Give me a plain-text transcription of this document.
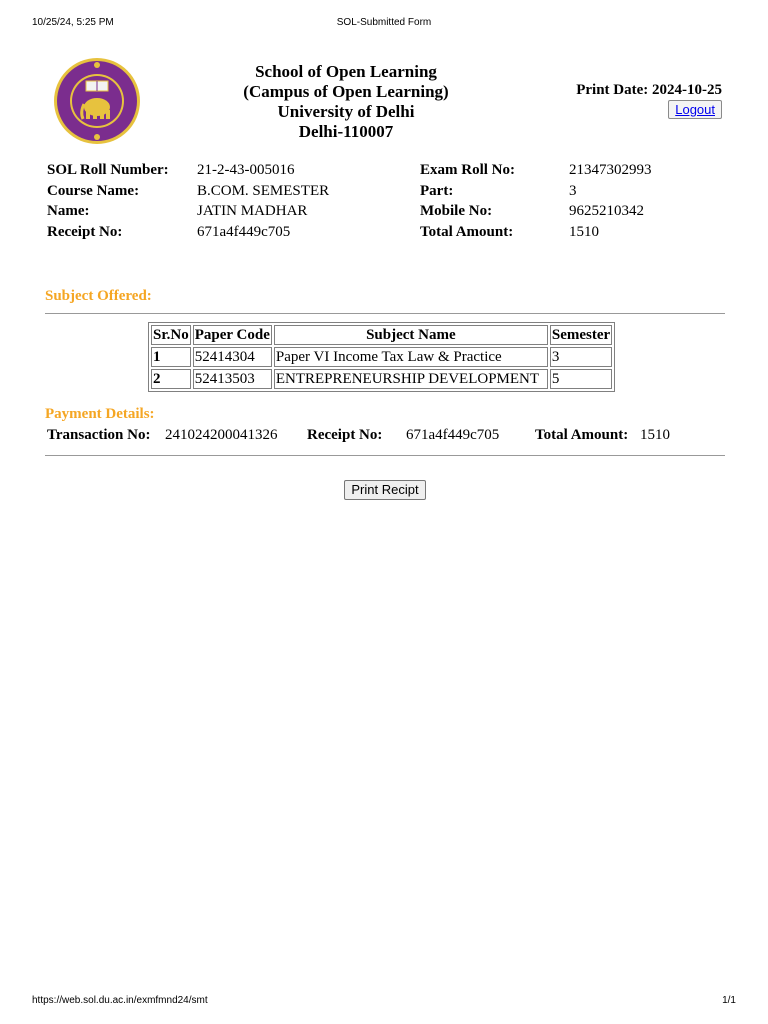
10/25/24, 5:25 PM	SOL-Submitted Form
School of Open Learning
(Campus of Open Learning)
University of Delhi
Delhi-110007
Print Date: 2024-10-25
Logout
SOL Roll Number: 21-2-43-005016	Exam Roll No:	21347302993
Course Name:	B.COM. SEMESTER	Part:	3
Name:	JATIN MADHAR	Mobile No:	9625210342
Receipt No:	671a4f449c705	Total Amount:	1510
Subject Offered:
Sr.No	Paper Code	Subject Name	Semester
1	52414304	Paper VI Income Tax Law & Practice	3
2	52413503	ENTREPRENEURSHIP DEVELOPMENT	5
Payment Details:
Transaction No: 241024200041326 Receipt No: 671a4f449c705 Total Amount: 1510
Print Recipt
https://web.sol.du.ac.in/exmfmnd24/smt	1/1
